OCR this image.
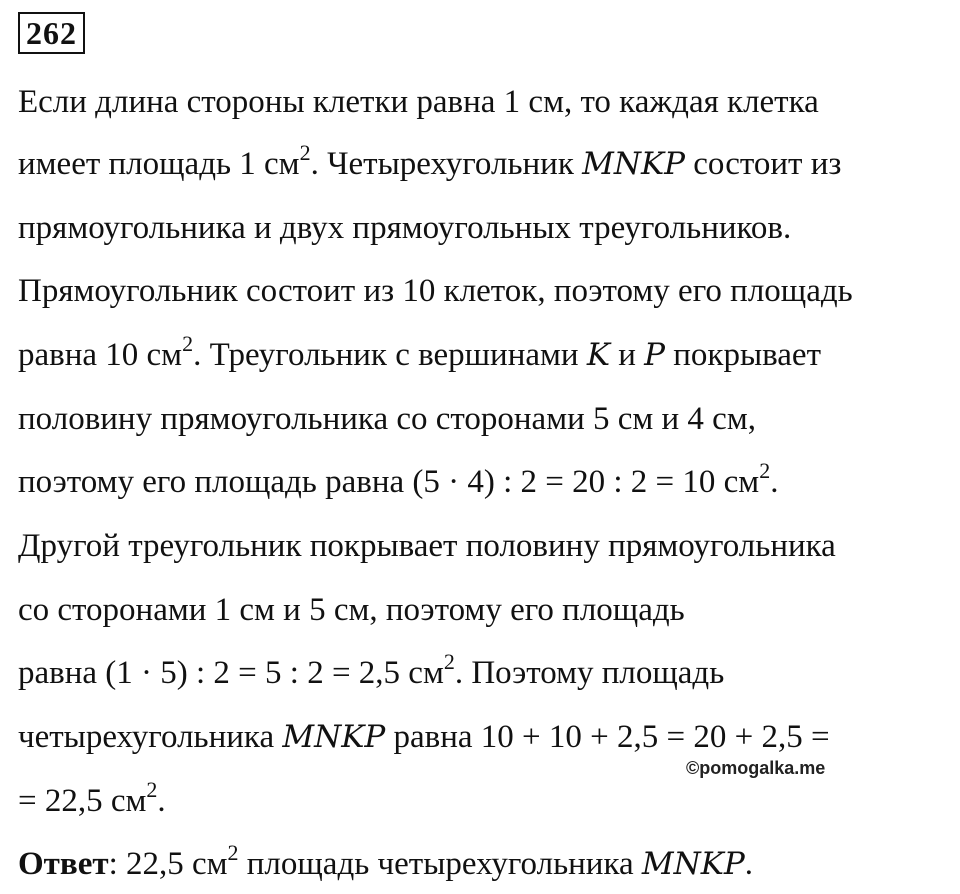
262
Если длина стороны клетки равна 1 см, то каждая клетка
имеет площадь 1 $см^2$. Четырехугольник MNKP состоит из
прямоугольника и двух прямоугольных треугольников.
Прямоугольник состоит из 10 клеток, поэтому его площадь
равна 10 $см^2$. Треугольник с вершинами K и P покрывает
половину прямоугольника со сторонами 5 см и 4 см,
поэтому его площадь равна (5 · 4) : 2 = 20 : 2 = 10 $см^2$.
Другой треугольник покрывает половину прямоугольника
со сторонами 1 см и 5 см, поэтому его площадь
равна (1 · 5) : 2 = 5 : 2 = 2,5 $см^2$. Поэтому площадь
четырехугольника MNKP равна 10 + 10 + 2,5 = 20 + 2,5 =
©pomogalka.me
= 22,5 $см^2$.
Ответ: 22,5 $см^2$ площадь четырехугольника MNKP.
